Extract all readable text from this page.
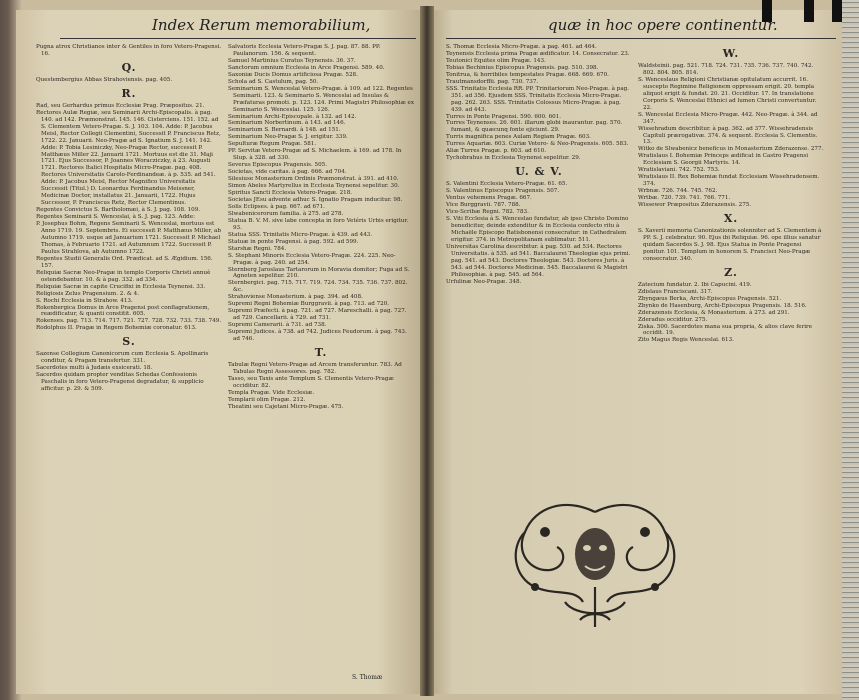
Index Rerum memorabilium,	quæ in hoc opere continentur.

Pugna atrox Christianos inter & Gentiles in foro Vetero-Pragensi. 16.

Q.

Questembergius Abbas Strahoviensis. pag. 405.

R.

Rad, seu Gerhardus primus Ecclesiæ Prag. Præpositus. 21.

Rectores Aulæ Regiæ, seu Seminarii Archi-Episcopalis. à pag. 140. ad 142. Præmonstrat. 145. 146. Cisterciens. 151. 152. ad S. Clementem Vetero-Pragæ. S. J. 103. 104. Adde: P. Jacobus Meisl, Rector Collegii Clementini, Successit P. Franciscus Retz, 1722. 22. Januarii. Neo-Pragæ ad S. Ignatium S. J. 141. 142. Adde: P. Tobia Lesiniczky, Neo-Pragæ Rector, successit P. Matthæus Miller 22. Januarii 1721. Mortuus est die 31. Maji 1721. Ejus Successor, P. Joannes Woracziczky, à 23. Augusti 1721. Rectores Italici Hospitalis Micro-Pragæ. pag. 408. Rectores Universitatis Carolo-Ferdinandeæ. à p. 535. ad 541. Adde: P. Jacobus Meisl, Rector Magnifico Universitatis Successit (Titul.) D. Leonardus Ferdinandus Meissner, Medicinæ Doctor, installatus 21. Januarii, 1722. Hujus Successor, P. Franciscus Retz, Rector Clementinus.

Regentes Convictus S. Bartholomæi, à S. J. pag. 108. 109.

Regentes Seminarii S. Wenceslai, à S. J. pag. 123. Adde:

P. Josephus Bohm, Regens Seminarii S. Wenceslai, mortuus est Anno 1719. 19. Septembris. Ei successit P. Matthæus Miller, ab Autumno 1719. usque ad Januarium 1721. Successit P. Michael Thomas, à Februario 1721. ad Autumnum 1722. Successit P. Paulus Strahlova, ab Autumno 1722.

Regentes Studii Generalis Ord. Prædicat. ad S. Ægidium. 156. 157.

Reliquiæ Sacræ Neo-Pragæ in templo Corporis Christi annuè ostendebantur. 10. & à pag. 332. ad 334.

Reliquiæ Sacræ in capite Crucifixi in Ecclesia Teynensi. 33.

Religiosis Zelus Pragensium. 2. & 4.

S. Rochi Ecclesia in Strahow. 413.

Rokenbergica Domus in Arce Pragensi post conflagrationem, reædificatur, & quanti constitit. 605.

Rokenses. pag. 713. 714. 717. 721. 727. 728. 732. 733. 738. 749.

Rodolphus II. Pragæ in Regem Bohemiæ coronatur. 613.

S.

Sazense Collegium Canonicorum cum Ecclesia S. Apollinaris conditur, & Pragam transfertur. 331.

Sacerdotes multi à Judæis exsicerati. 18.

Sacerdos quidam propter venditas Schedas Confessionis Paschalis in foro Vetero-Pragensi degradatur, & supplicio afficitur. p. 29. & 509.

Salvatoris Ecclesia Vetero-Pragæ S. J. pag. 87. 88. PP. Paulanorum. 156. & sequent.

Samuel Martinius Curatus Teynensis. 36. 37.

Sanctorum omnium Ecclesia in Arce Pragensi. 589. 40.

Saxoniæ Ducis Domus artificiosa Pragæ. 528.

Schola ad S. Castulum, pag. 50.

Seminarium S. Wenceslai Vetero-Pragæ. à 109. ad 122. Regentes Seminarii. 123. & Seminario S. Wenceslai ad Insulas & Præfaturas promoti. p. 123. 124. Primi Magistri Philosophiæ ex Seminario S. Wenceslai. 125. 126.

Seminarium Archi-Episcopale. à 132. ad 142.

Seminarium Norbertinum. à 143. ad 146.

Seminarium S. Bernardi. à 148. ad 151.

Seminarium Neo-Pragæ S. J. erigitur. 339.

Sepulturæ Regum Pragæ. 581.

PP. Servitæ Vetero-Pragæ ad S. Michaelem. à 169. ad 178. In Slup. à 328. ad 330.

Severus Episcopus Pragensis. 505.

Societas, vide caritas. à pag. 666. ad 704.

Silesiuse Monasterium Ordinis Præmonstrat. à 391. ad 410.

Simon Abeles Martyrellus in Ecclesia Teynensi sepelitur. 30.

Spiritus Sancti Ecclesia Vetero-Pragæ. 218.

Societas JEsu advente adhuc S. Ignatio Pragam inducitur. 98.

Solis Eclipses. à pag. 667. ad 671.

Slwabenicerorum familia. à 275. ad 278.

Statua B. V. M. sive labe concepta in foro Vetéris Urbis erigitur. 93.

Statua SSS. Trinitatis Micro-Pragæ. à 439. ad 443.

Statuæ in ponte Pragensi. à pag. 592. ad 599.

Starshæ Regni. 784.

S. Stephani Minoris Ecclesia Vetero-Pragæ. 224. 225. Neo-Pragæ. à pag. 240. ad 254.

Sternberg Jaroslaus Tartarorum in Moravia domitor; Fuga ad S. Agneten sepelitur. 210.

Sternbergici. pag. 715. 717. 719. 724. 734. 735. 736. 737. 802. &c.

Strahoviense Monasterium. à pag. 394. ad 408.

Supremi Regni Bohemiæ Burggravii. à pag. 713. ad 720.

Supremi Præfecti. à pag. 721. ad 727. Mareschalli. à pag. 727. ad 729. Cancellarii. à 729. ad 731.

Supremi Camerarii. à 731. ad 738.

Supremi Judices. à 738. ad 742. Judices Feudorum. à pag. 743. ad 746.

T.

Tabulæ Regni Vetero-Pragæ ad Arcem transferuntur. 783. Ad Tabulas Regni Assessores. pag. 782.

Tasso, seu Taxis ante Templum S. Clementis Vetero-Pragæ occiditur. 82.

Templa Pragæ. Vide Ecclesiæ.

Templarii olim Pragæ. 212.

Theatini seu Cajetani Micro-Pragæ. 475.

S. Thomæ Ecclesia Micro-Pragæ. à pag. 461. ad 464.

Teynensis Ecclesia prima Pragæ ædificatur. 14. Consecratur. 23.

Teutonici Equites olim Pragæ. 143.

Tobias Bechinius Episcopus Pragensis. pag. 510. 398.

Tonitrua, & horribiles tempestates Pragæ. 668. 669. 670.

Trautmansdorffii. pag. 730. 737.

SSS. Trinitatis Ecclesia RR. PP. Trinitariorum Neo-Pragæ. à pag. 351. ad 356. Ejusdem SSS. Trinitatis Ecclesia Micro-Pragæ. pag. 262. 263. SSS. Trinitatis Colossus Micro-Pragæ. à pag. 439. ad 443.

Turres in Ponte Pragensi. 590. 600. 601.

Turres Teynenses. 26. 601. illarum globi inaurantur. pag. 570. fumant, & quæcunq fonte ejiciunt. 29.

Turris magnifica penes Aulam Regiam Pragæ. 603.

Turres Aquariæ. 603. Curiæ Vetero- & Neo-Pragensis. 605. 583.

Aliæ Turres Pragæ. p. 603. ad 610.

Tychobrahus in Ecclesia Teynensi sepelitur. 29.

U. & V.

S. Valentini Ecclesia Vetero-Pragæ. 61. 65.

S. Valentinus Episcopus Pragensis. 507.

Ventus vehemens Pragæ. 667.

Vice Burggravii. 787. 788.

Vice-Scribæ Regni. 782. 783.

S. Viti Ecclesia à S. Wenceslao fundatur, ab ipso Christo Domino benedicitur, deinde extenditur & in Ecclesia confecto ritu à Michaële Episcopo Ratisbonensi consecratur: in Cathedralem erigitur. 374. in Metropolitanam sublimatur. 511.

Universitas Carolina describitur. à pag. 530. ad 534. Rectores Universitatis. à 535. ad 541. Baccalaurei Theologiæ ejus primi. pag. 541. ad 543. Doctores Theologiæ. 543. Doctores Juris. à 543. ad 544. Doctores Medicinæ. 545. Baccalaurei & Magistri Philosophiæ. à pag. 545. ad 564.

Urfulinæ Neo-Pragæ. 348.

W.

Waldsteinii. pag. 521. 718. 724. 731. 735. 736. 737. 740. 742. 802. 804. 805. 814.

S. Wenceslaus Religioni Christianæ opitulatum accurrit. 16. suscepto Regimine Religionem oppressam erigit. 20. templa aliquot erigit & fundat. 20. 21. Occiditur. 17. In translatione Corporis S. Wenceslai Ethnici ad lumen Christi convertuntur. 22.

S. Wenceslai Ecclesia Micro-Pragæ. 442. Neo-Pragæ. à 344. ad 347.

Wissehradum describitur. à pag. 362. ad 377. Wissehradensis Capituli prærogativæ. 374. & sequent. Ecclesia S. Clementis. 13.

Witko de Slwabenicz beneficus in Monasterium Zderazense. 277.

Wratislaus I. Bohemiæ Princeps ædificat in Castro Pragensi Ecclesiam S. Georgii Martyris. 14.

Wratislaviani. 742. 752. 753.

Wratislaus II. Rex Bohemiæ fundat Ecclesiam Wissehradensem. 374.

Wrbnæ. 726. 744. 745. 762.

Wrtbæ. 720. 739. 741. 766. 771.

Wissewor Præpositus Zderazensis. 275.

X.

S. Xaverii memoria Canonizationis solenniter ad S. Clementem à PP. S. J. celebratur. 90. Ejus ibi Reliquiæ. 96. ope illius sanatur quidam Sacerdos S. J. 98. Ejus Statua in Ponte Pragensi ponitur. 101. Templum in honorem S. Francisci Neo-Pragæ consecratur. 340.

Z.

Zatecium fundatur. 2. Ibi Capucini. 419.

Zdislaus Franciscani. 317.

Zbyngæus Berka, Archi-Episcopus Pragensis. 521.

Zbynko de Hasenburg, Archi-Episcopus Pragensis. 18. 516.

Zderazensis Ecclesia, & Monasterium. à 273. ad 291.

Zderadus occiditur. 275.

Ziska. 500. Sacerdotes mana sua propria, & alios clave ferire occidit. 19.

Zito Magus Regis Wenceslai. 613.

S. Thomæ
